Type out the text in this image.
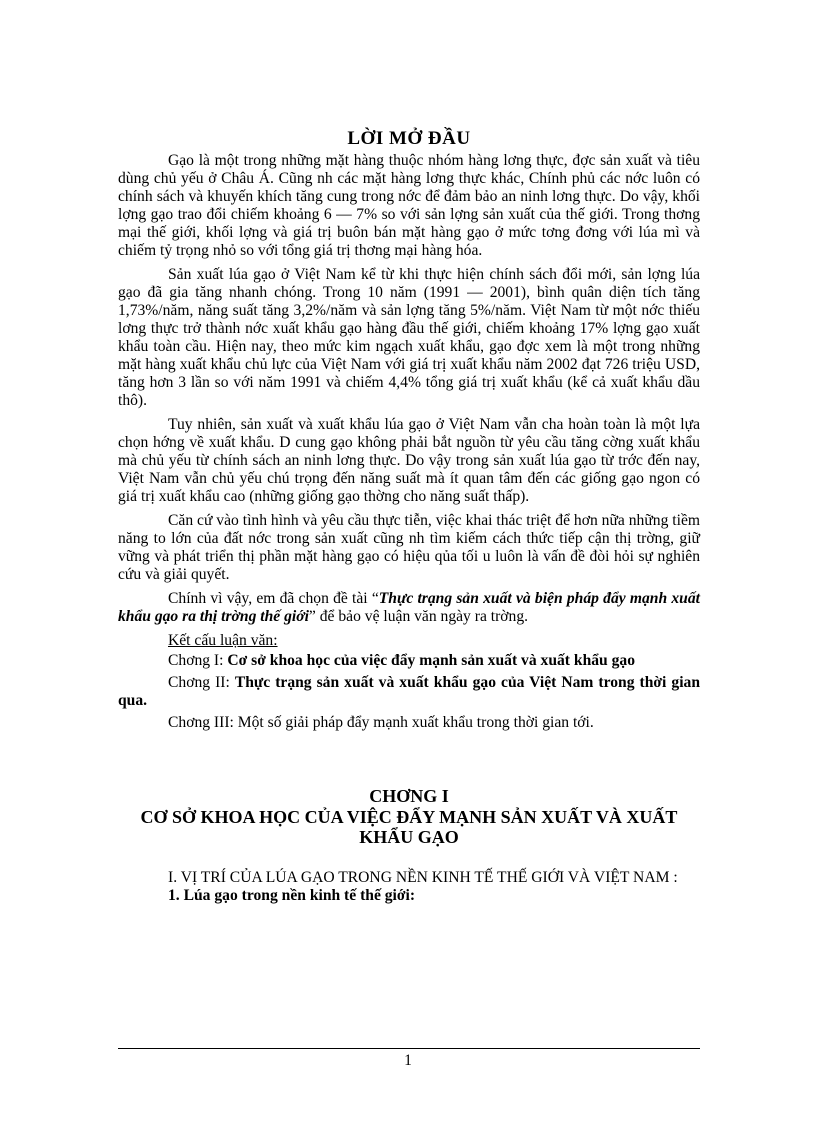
LỜI MỞ ĐẦU

Gạo là một trong những mặt hàng thuộc nhóm hàng lơng thực, đợc sản xuất và tiêu dùng chủ yếu ở Châu Á. Cũng nh các mặt hàng lơng thực khác, Chính phủ các nớc luôn có chính sách và khuyến khích tăng cung trong nớc để đảm bảo an ninh lơng thực. Do vậy, khối lợng gạo trao đổi chiếm khoảng 6 — 7% so với sản lợng sản xuất của thế giới. Trong thơng mại thế giới, khối lợng và giá trị buôn bán mặt hàng gạo ở mức tơng đơng với lúa mì và chiếm tỷ trọng nhỏ so với tổng giá trị thơng mại hàng hóa.

Sản xuất lúa gạo ở Việt Nam kể từ khi thực hiện chính sách đổi mới, sản lợng lúa gạo đã gia tăng nhanh chóng. Trong 10 năm (1991 — 2001), bình quân diện tích tăng 1,73%/năm, năng suất tăng 3,2%/năm và sản lợng tăng 5%/năm. Việt Nam từ một nớc thiếu lơng thực trở thành nớc xuất khẩu gạo hàng đầu thế giới, chiếm khoảng 17% lợng gạo xuất khẩu toàn cầu. Hiện nay, theo mức kim ngạch xuất khẩu, gạo đợc xem là một trong những mặt hàng xuất khẩu chủ lực của Việt Nam với giá trị xuất khẩu năm 2002 đạt 726 triệu USD, tăng hơn 3 lần so với năm 1991 và chiếm 4,4% tổng giá trị xuất khẩu (kể cả xuất khẩu dầu thô).

Tuy nhiên, sản xuất và xuất khẩu lúa gạo ở Việt Nam vẫn cha hoàn toàn là một lựa chọn hớng về xuất khẩu. D cung gạo không phải bắt nguồn từ yêu cầu tăng cờng xuất khẩu mà chủ yếu từ chính sách an ninh lơng thực. Do vậy trong sản xuất lúa gạo từ trớc đến nay, Việt Nam vẫn chủ yếu chú trọng đến năng suất mà ít quan tâm đến các giống gạo ngon có giá trị xuất khẩu cao (những giống gạo thờng cho năng suất thấp).

Căn cứ vào tình hình và yêu cầu thực tiễn, việc khai thác triệt để hơn nữa những tiềm năng to lớn của đất nớc trong sản xuất cũng nh tìm kiếm cách thức tiếp cận thị trờng, giữ vững và phát triển thị phần mặt hàng gạo có hiệu qủa tối u luôn là vấn đề đòi hỏi sự nghiên cứu và giải quyết.

Chính vì vậy, em đã chọn đề tài “Thực trạng sản xuất và biện pháp đẩy mạnh xuất khẩu gạo ra thị trờng thế giới” để bảo vệ luận văn ngày ra trờng.

Kết cấu luận văn:

Chơng I: Cơ sở khoa học của việc đẩy mạnh sản xuất và xuất khẩu gạo

Chơng II: Thực trạng sản xuất và xuất khẩu gạo của Việt Nam trong thời gian qua.

Chơng III: Một số giải pháp đẩy mạnh xuất khẩu trong thời gian tới.

CHƠNG I
CƠ SỞ KHOA HỌC CỦA VIỆC ĐẨY MẠNH SẢN XUẤT VÀ XUẤT KHẨU GẠO

I. VỊ TRÍ CỦA LÚA GẠO TRONG NỀN KINH TẾ THẾ GIỚI VÀ VIỆT NAM :

1. Lúa gạo trong nền kinh tế thế giới:

1
